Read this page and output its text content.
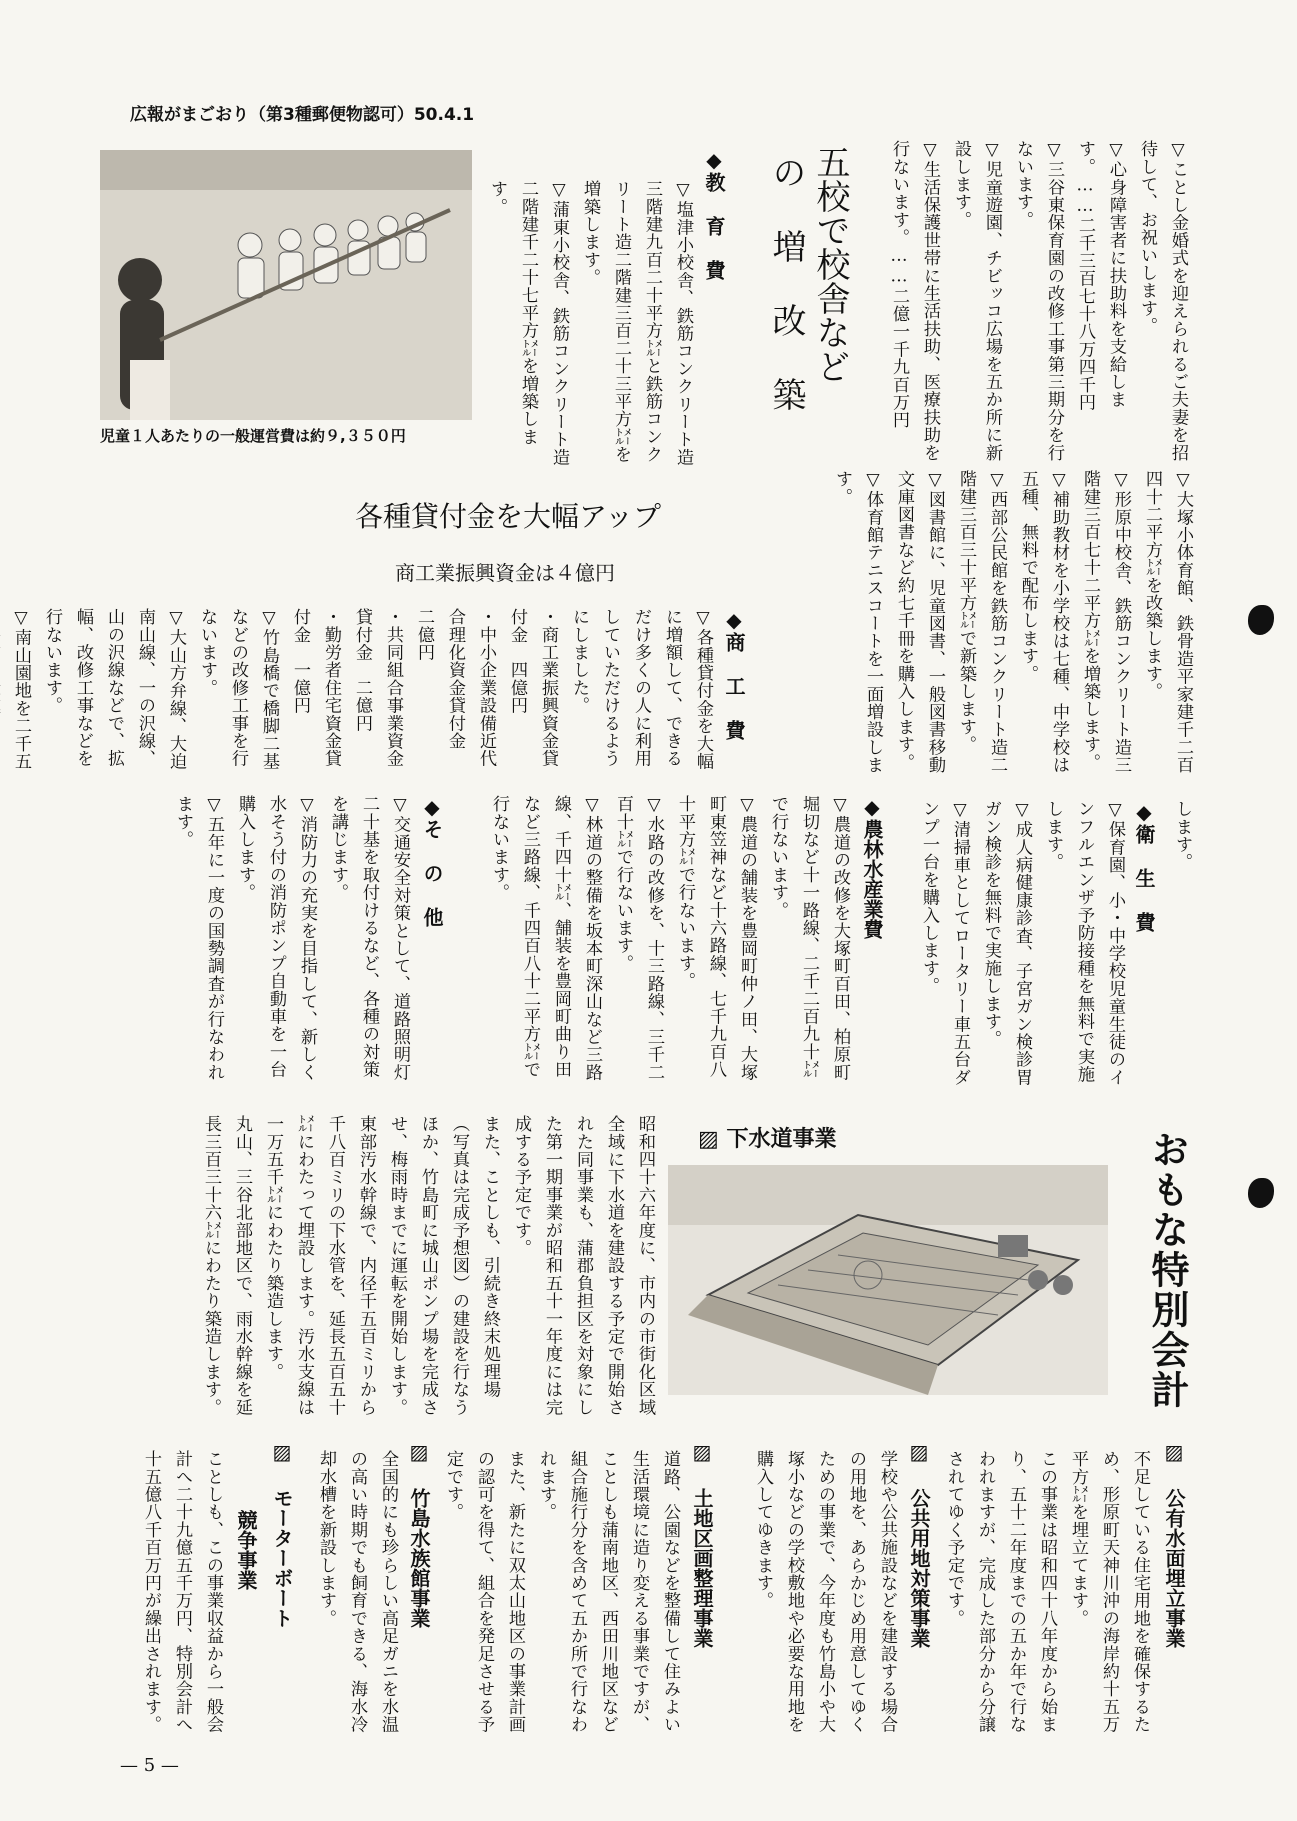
広報がまごおり（第3種郵便物認可）50.4.1

▽ことし金婚式を迎えられるご夫妻を招待して、お祝いします。

▽心身障害者に扶助料を支給します。……二千三百七十八万四千円

▽三谷東保育園の改修工事第三期分を行ないます。

▽児童遊園、チビッコ広場を五か所に新設します。

▽生活保護世帯に生活扶助、医療扶助を行ないます。……二億一千九百万円

五校で校舎など
の 増 改 築
◆教 育 費

▽塩津小校舎、鉄筋コンクリート造三階建九百二十平方㍍と鉄筋コンクリート造二階建三百二十三平方㍍を増築します。

▽蒲東小校舎、鉄筋コンクリート造二階建千二十七平方㍍を増築します。

児童１人あたりの一般運営費は約９,３５０円

▽大塚小体育館、鉄骨造平家建千二百四十二平方㍍を改築します。

▽形原中校舎、鉄筋コンクリート造三階建三百七十二平方㍍を増築します。

▽補助教材を小学校は七種、中学校は五種、無料で配布します。

▽西部公民館を鉄筋コンクリート造二階建三百三十平方㍍で新築します。

▽図書館に、児童図書、一般図書移動文庫図書など約七千冊を購入します。

▽体育館テニスコートを一面増設します。

します。

◆衛 生 費

▽保育園、小・中学校児童生徒のインフルエンザ予防接種を無料で実施します。

▽成人病健康診査、子宮ガン検診胃ガン検診を無料で実施します。

▽清掃車としてロータリー車五台ダンプ一台を購入します。

各種貸付金を大幅アップ
商工業振興資金は４億円
◆商 工 費

▽各種貸付金を大幅に増額して、できるだけ多くの人に利用していただけるようにしました。

・商工業振興資金貸付金　四億円

・中小企業設備近代合理化資金貸付金　二億円

・共同組合事業資金貸付金　二億円

・勤労者住宅資金貸付金　一億円

▽竹島橋で橋脚二基などの改修工事を行ないます。

▽大山方弁線、大迫南山線、一の沢線、山の沢線などで、拡幅、改修工事などを行ないます。

▽南山園地を二千五

◆農林水産業費

▽農道の改修を大塚町百田、柏原町堀切など十一路線、二千二百九十㍍で行ないます。

▽農道の舗装を豊岡町仲ノ田、大塚町東笠神など十六路線、七千九百八十平方㍍で行ないます。

▽水路の改修を、十三路線、三千二百十㍍で行ないます。

▽林道の整備を坂本町深山など三路線、千四十㍍、舗装を豊岡町曲り田など三路線、千四百八十二平方㍍で行ないます。

◆そ の 他

▽交通安全対策として、道路照明灯二十基を取付けるなど、各種の対策を講じます。

▽消防力の充実を目指して、新しく水そう付の消防ポンプ自動車を一台購入します。

▽五年に一度の国勢調査が行なわれます。

▨ 下水道事業

昭和四十六年度に、市内の市街化区域全域に下水道を建設する予定で開始された同事業も、蒲郡負担区を対象にした第一期事業が昭和五十一年度には完成する予定です。

また、ことしも、引続き終末処理場（写真は完成予想図）の建設を行なうほか、竹島町に城山ポンプ場を完成させ、梅雨時までに運転を開始します。

東部汚水幹線で、内径千五百ミリから千八百ミリの下水管を、延長五百五十㍍にわたって埋設します。汚水支線は一万五千㍍にわたり築造します。

丸山、三谷北部地区で、雨水幹線を延長三百三十六㍍にわたり築造します。	おもな特別会計
▨ 公有水面埋立事業

不足している住宅用地を確保するため、形原町天神川沖の海岸約十五万平方㍍を埋立てます。

この事業は昭和四十八年度から始まり、五十二年度までの五か年で行なわれますが、完成した部分から分譲されてゆく予定です。

▨ 公共用地対策事業

学校や公共施設などを建設する場合の用地を、あらかじめ用意してゆくための事業で、今年度も竹島小や大塚小などの学校敷地や必要な用地を購入してゆきます。

▨ 土地区画整理事業

道路、公園などを整備して住みよい生活環境に造り変える事業ですが、ことしも蒲南地区、西田川地区など組合施行分を含めて五か所で行なわれます。

また、新たに双太山地区の事業計画の認可を得て、組合を発足させる予定です。

▨ 竹島水族館事業

全国的にも珍らしい高足ガニを水温の高い時期でも飼育できる、海水冷却水槽を新設します。

▨ モーターボート
競争事業

ことしも、この事業収益から一般会計へ二十九億五千万円、特別会計へ十五億八千百万円が繰出されます。

— 5 —
